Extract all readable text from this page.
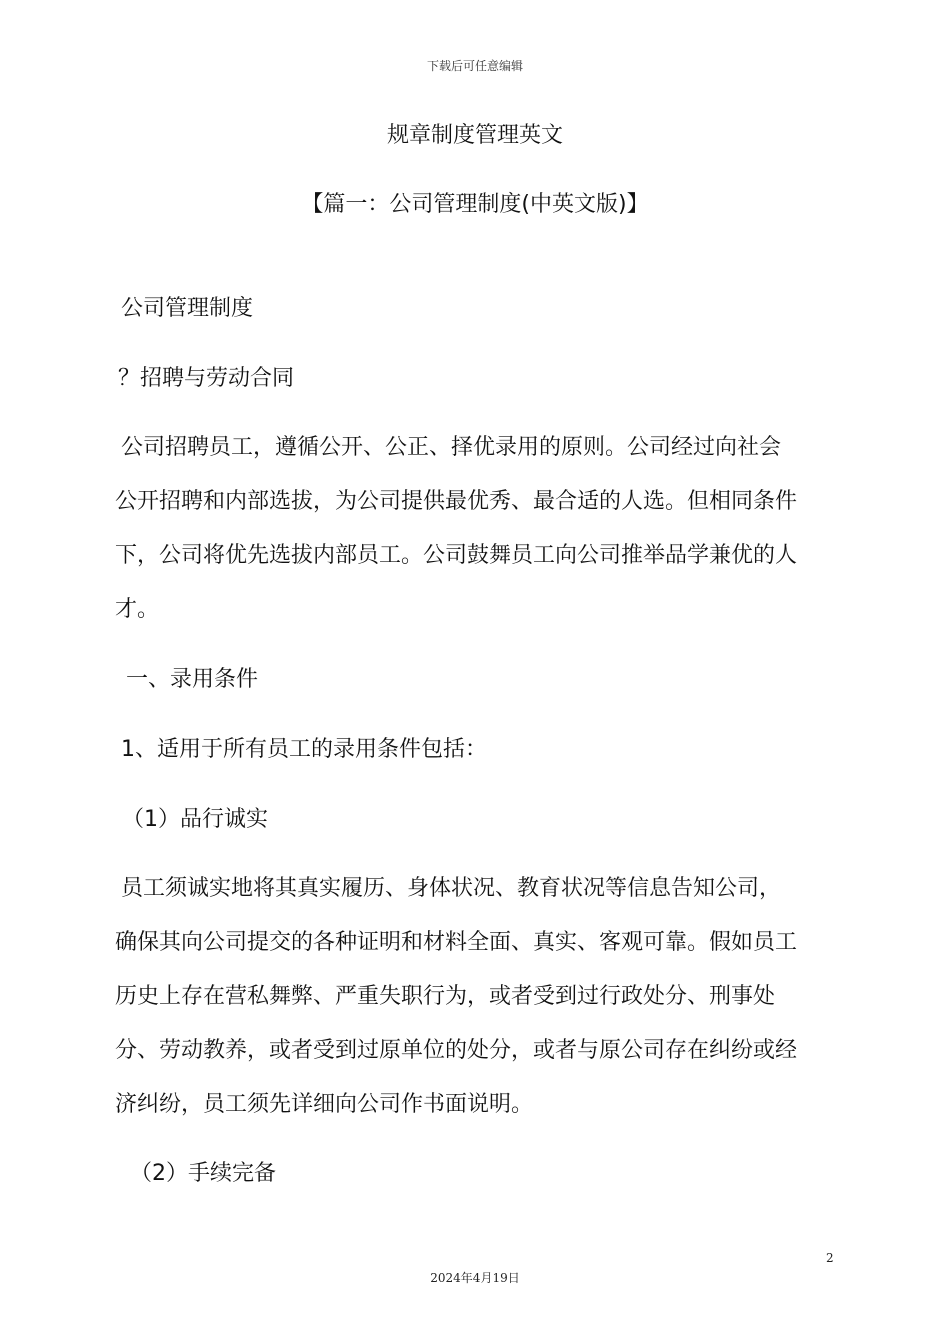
下载后可任意编辑
规章制度管理英文
【篇一：公司管理制度(中英文版)】
公司管理制度
？招聘与劳动合同
公司招聘员工，遵循公开、公正、择优录用的原则。公司经过向社会
公开招聘和内部选拔，为公司提供最优秀、最合适的人选。但相同条件
下，公司将优先选拔内部员工。公司鼓舞员工向公司推举品学兼优的人
才。
一、录用条件
1、适用于所有员工的录用条件包括：
（1）品行诚实
员工须诚实地将其真实履历、身体状况、教育状况等信息告知公司，
确保其向公司提交的各种证明和材料全面、真实、客观可靠。假如员工
历史上存在营私舞弊、严重失职行为，或者受到过行政处分、刑事处
分、劳动教养，或者受到过原单位的处分，或者与原公司存在纠纷或经
济纠纷，员工须先详细向公司作书面说明。
（2）手续完备
2
2024年4月19日
